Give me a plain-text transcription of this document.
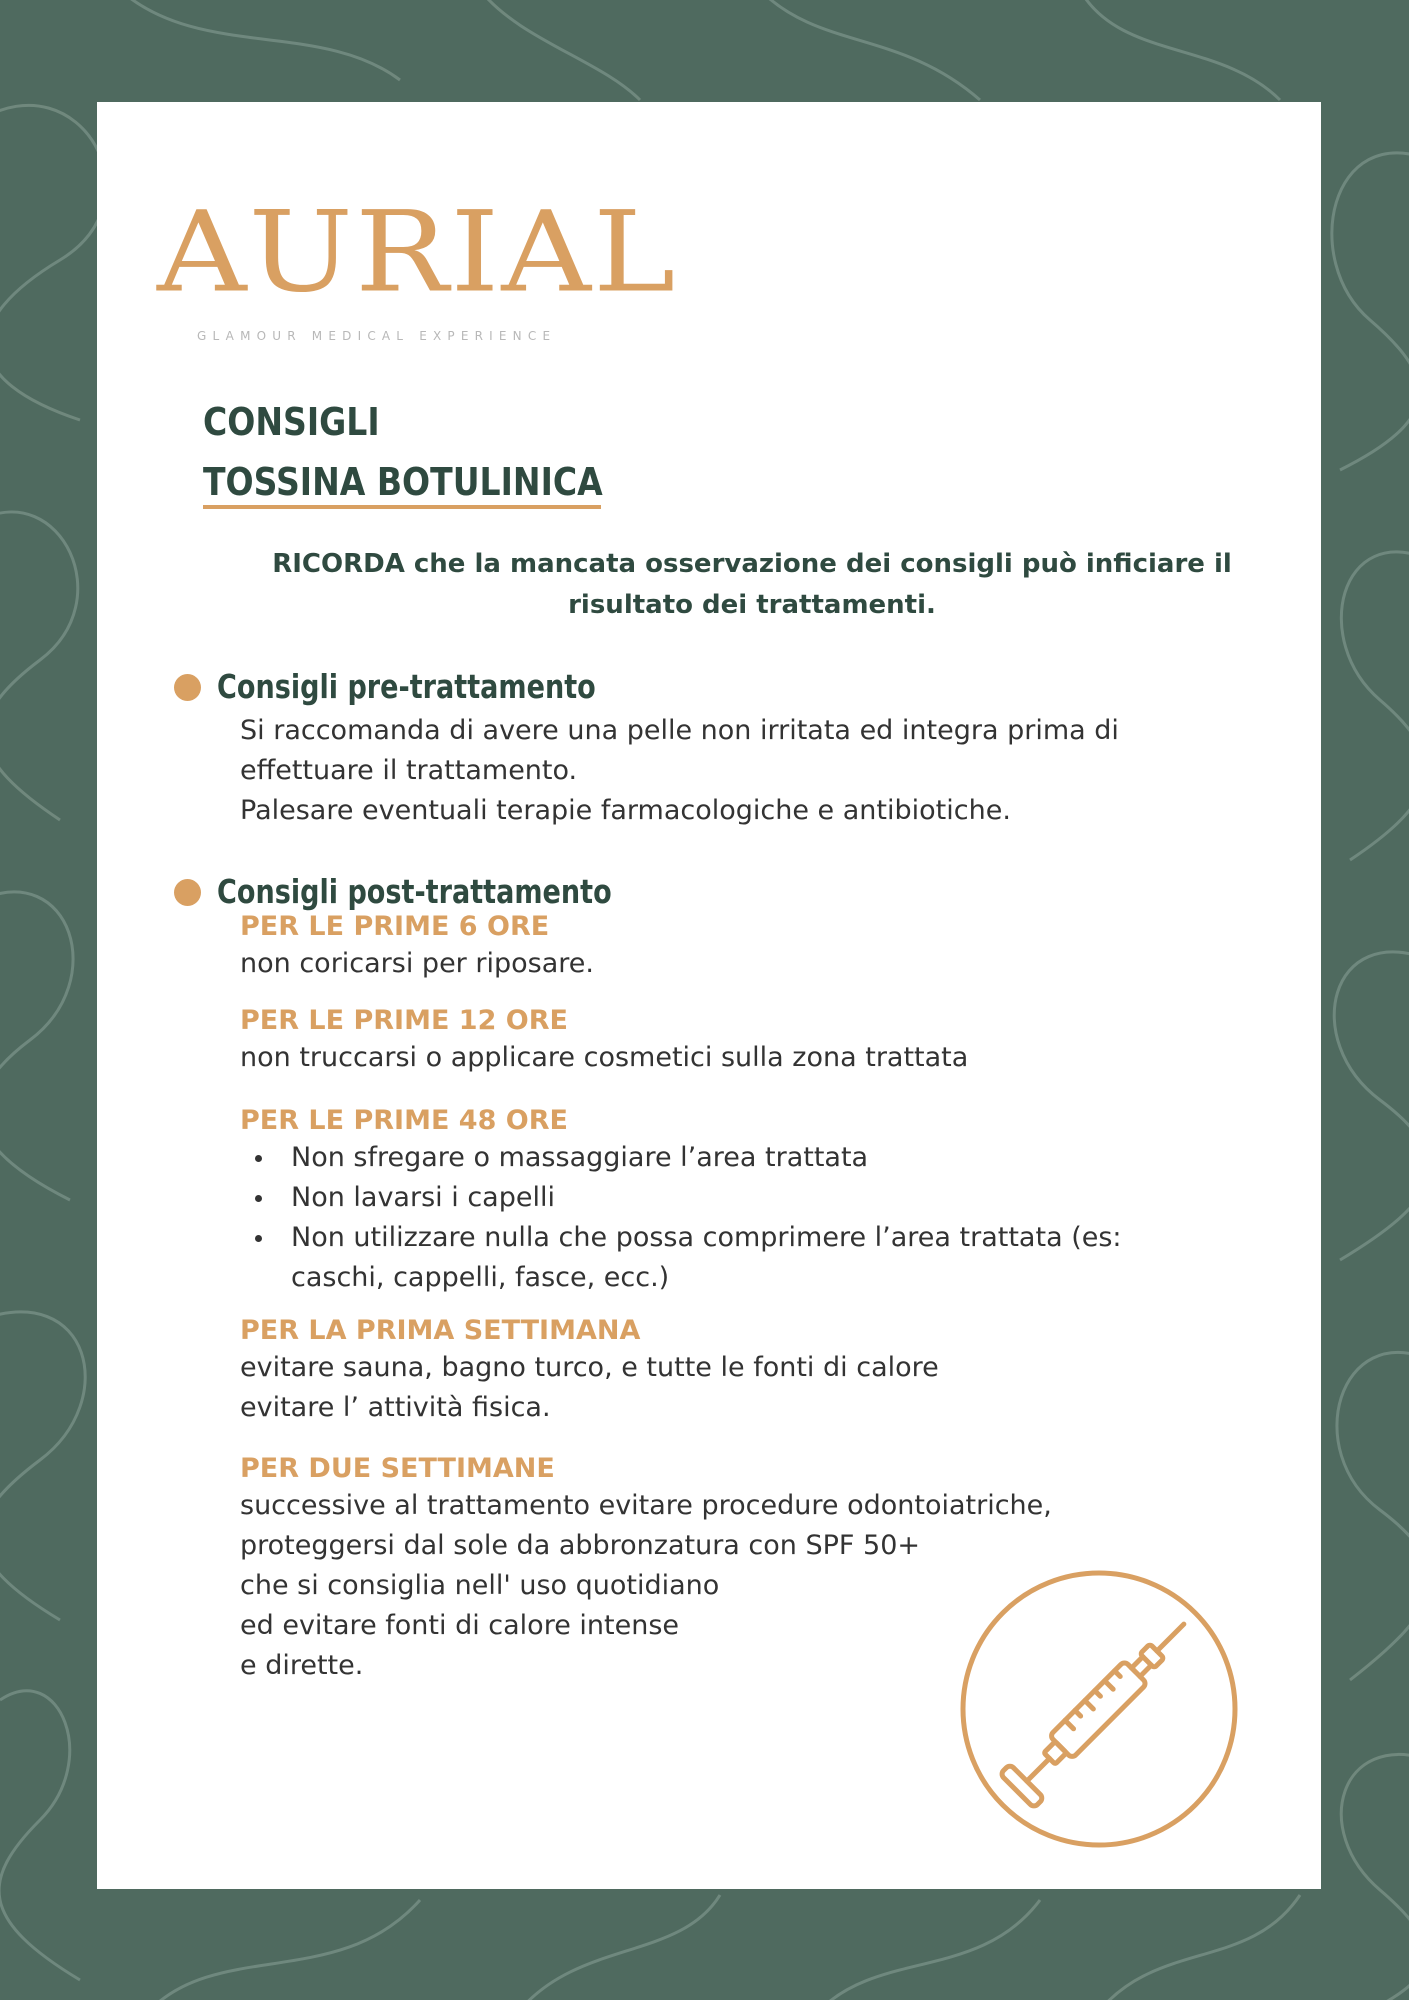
AURIAL
GLAMOUR MEDICAL EXPERIENCE
CONSIGLI
TOSSINA BOTULINICA
RICORDA che la mancata osservazione dei consigli può inficiare il risultato dei trattamenti.
Consigli pre-trattamento
Si raccomanda di avere una pelle non irritata ed integra prima di
effettuare il trattamento.
Palesare eventuali terapie farmacologiche e antibiotiche.
Consigli post-trattamento
PER LE PRIME 6 ORE
non coricarsi per riposare.
PER LE PRIME 12 ORE
non truccarsi o applicare cosmetici sulla zona trattata
PER LE PRIME 48 ORE
Non sfregare o massaggiare l’area trattata
Non lavarsi i capelli
Non utilizzare nulla che possa comprimere l’area trattata (es:
caschi, cappelli, fasce, ecc.)
PER LA PRIMA SETTIMANA
evitare sauna, bagno turco, e tutte le fonti di calore
evitare l’ attività fisica.
PER DUE SETTIMANE
successive al trattamento evitare procedure odontoiatriche,
proteggersi dal sole da abbronzatura con SPF 50+
che si consiglia nell' uso quotidiano
ed evitare fonti di calore intense
e dirette.
